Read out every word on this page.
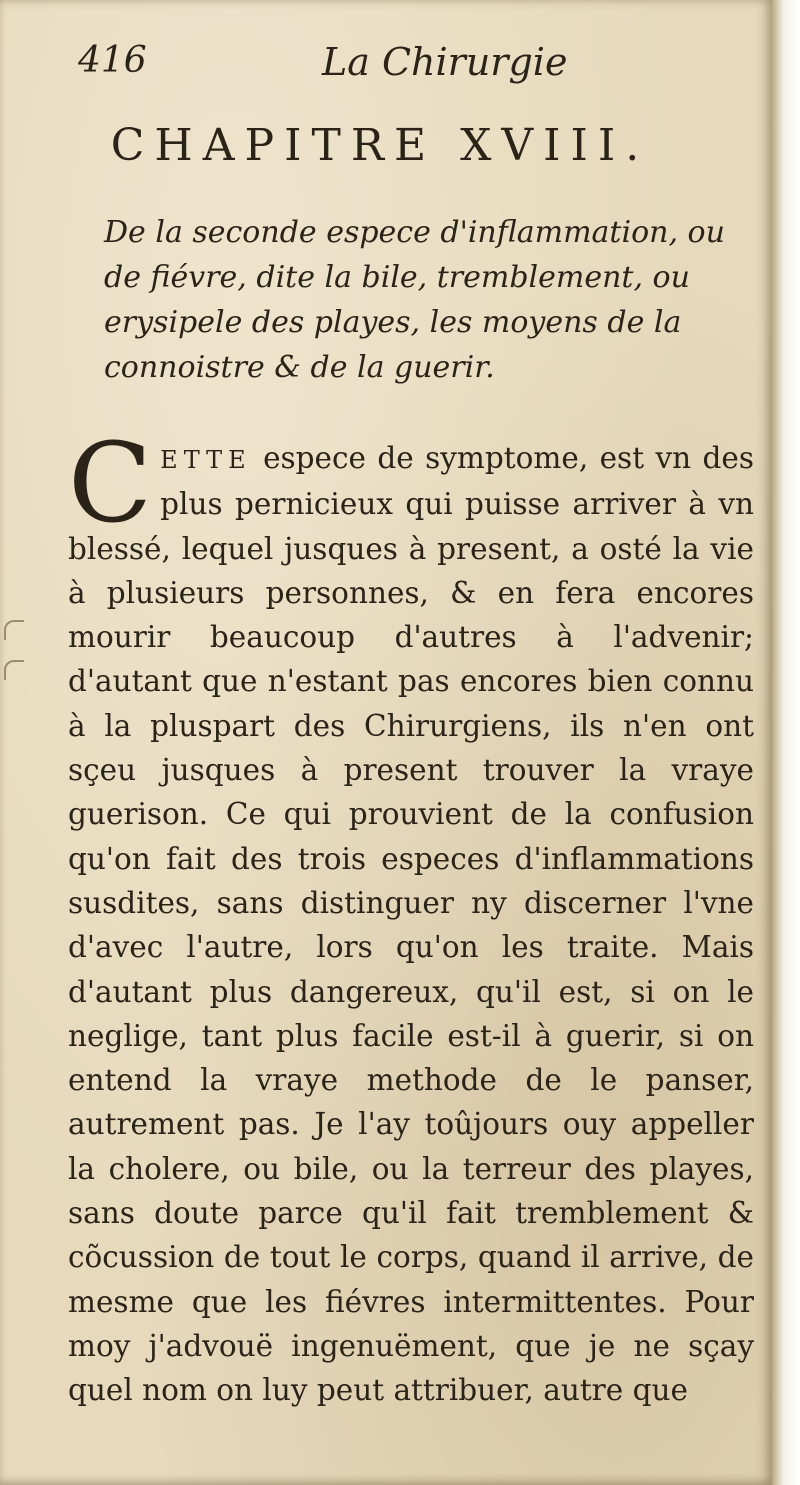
416	La Chirurgie
CHAPITRE XVIII.

De la seconde espece d'inflammation, ou de fiévre, dite la bile, tremblement, ou erysipele des playes, les moyens de la connoistre & de la guerir.

CETTE espece de symptome, est vn des plus pernicieux qui puisse arriver à vn blessé, lequel jusques à present, a osté la vie à plusieurs personnes, & en fera encores mourir beaucoup d'autres à l'advenir; d'autant que n'estant pas encores bien connu à la pluspart des Chirurgiens, ils n'en ont sçeu jusques à present trouver la vraye guerison. Ce qui prouvient de la confusion qu'on fait des trois especes d'inflammations susdites, sans distinguer ny discerner l'vne d'avec l'autre, lors qu'on les traite. Mais d'autant plus dangereux, qu'il est, si on le neglige, tant plus facile est-il à guerir, si on entend la vraye methode de le panser, autrement pas. Je l'ay toûjours ouy appeller la cholere, ou bile, ou la terreur des playes, sans doute parce qu'il fait tremblement & cõcussion de tout le corps, quand il arrive, de mesme que les fiévres intermittentes. Pour moy j'advouë ingenuëment, que je ne sçay quel nom on luy peut attribuer, autre que
